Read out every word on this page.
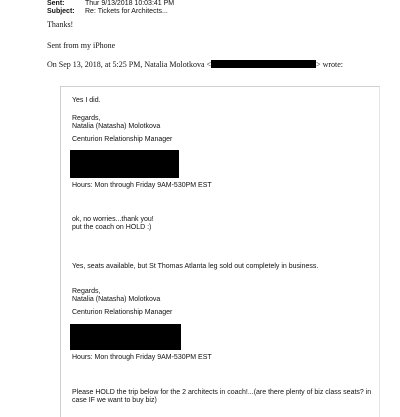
Sent:	Thur 9/13/2018 10:03:41 PM
Subject: Re: Tickets for Architects...
Thanks!
Sent from my iPhone
On Sep 13, 2018, at 5:25 PM, Natalia Molotkova <	> wrote:
Yes I did.
Regards,
Natalia (Natasha) Molotkova
Centurion Relationship Manager
Hours: Mon through Friday 9AM-530PM EST
ok, no worries...thank you!
put the coach on HOLD :)
Yes, seats available, but St Thomas Atlanta leg sold out completely in business.
Regards,
Natalia (Natasha) Molotkova
Centurion Relationship Manager
Hours: Mon through Friday 9AM-530PM EST
Please HOLD the trip below for the 2 architects in coach!...(are there plenty of biz class seats? in
case IF we want to buy biz)
